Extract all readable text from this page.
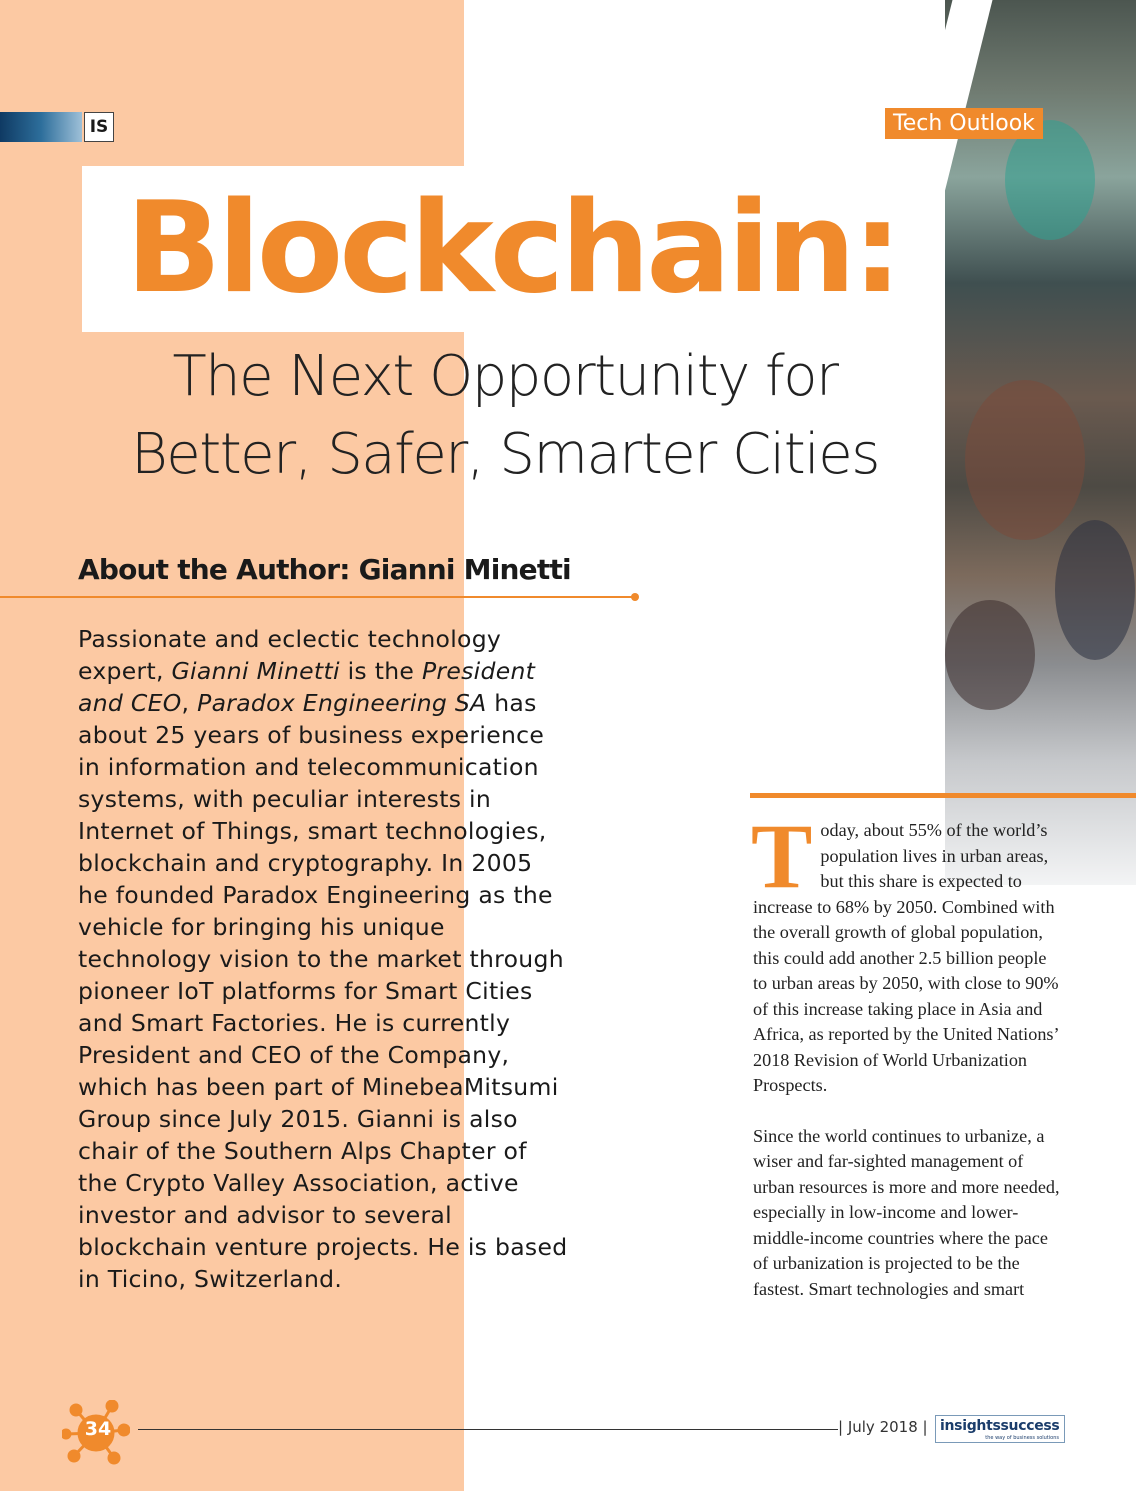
IS	Tech Outlook
Blockchain:
The Next Opportunity for
Better, Safer, Smarter Cities
About the Author: Gianni Minetti

Passionate and eclectic technology expert, Gianni Minetti is the President and CEO, Paradox Engineering SA has about 25 years of business experience in information and telecommunication systems, with peculiar interests in Internet of Things, smart technologies, blockchain and cryptography. In 2005 he founded Paradox Engineering as the vehicle for bringing his unique technology vision to the market through pioneer IoT platforms for Smart Cities and Smart Factories. He is currently President and CEO of the Company, which has been part of MinebeaMitsumi Group since July 2015. Gianni is also chair of the Southern Alps Chapter of the Crypto Valley Association, active investor and advisor to several blockchain venture projects. He is based in Ticino, Switzerland.

Today, about 55% of the world’s population lives in urban areas, but this share is expected to increase to 68% by 2050. Combined with the overall growth of global population, this could add another 2.5 billion people to urban areas by 2050, with close to 90% of this increase taking place in Asia and Africa, as reported by the United Nations’ 2018 Revision of World Urbanization Prospects.

Since the world continues to urbanize, a wiser and far-sighted management of urban resources is more and more needed, especially in low-income and lower-middle-income countries where the pace of urbanization is projected to be the fastest. Smart technologies and smart

34	| July 2018 | insightssuccess
the way of business solutions
